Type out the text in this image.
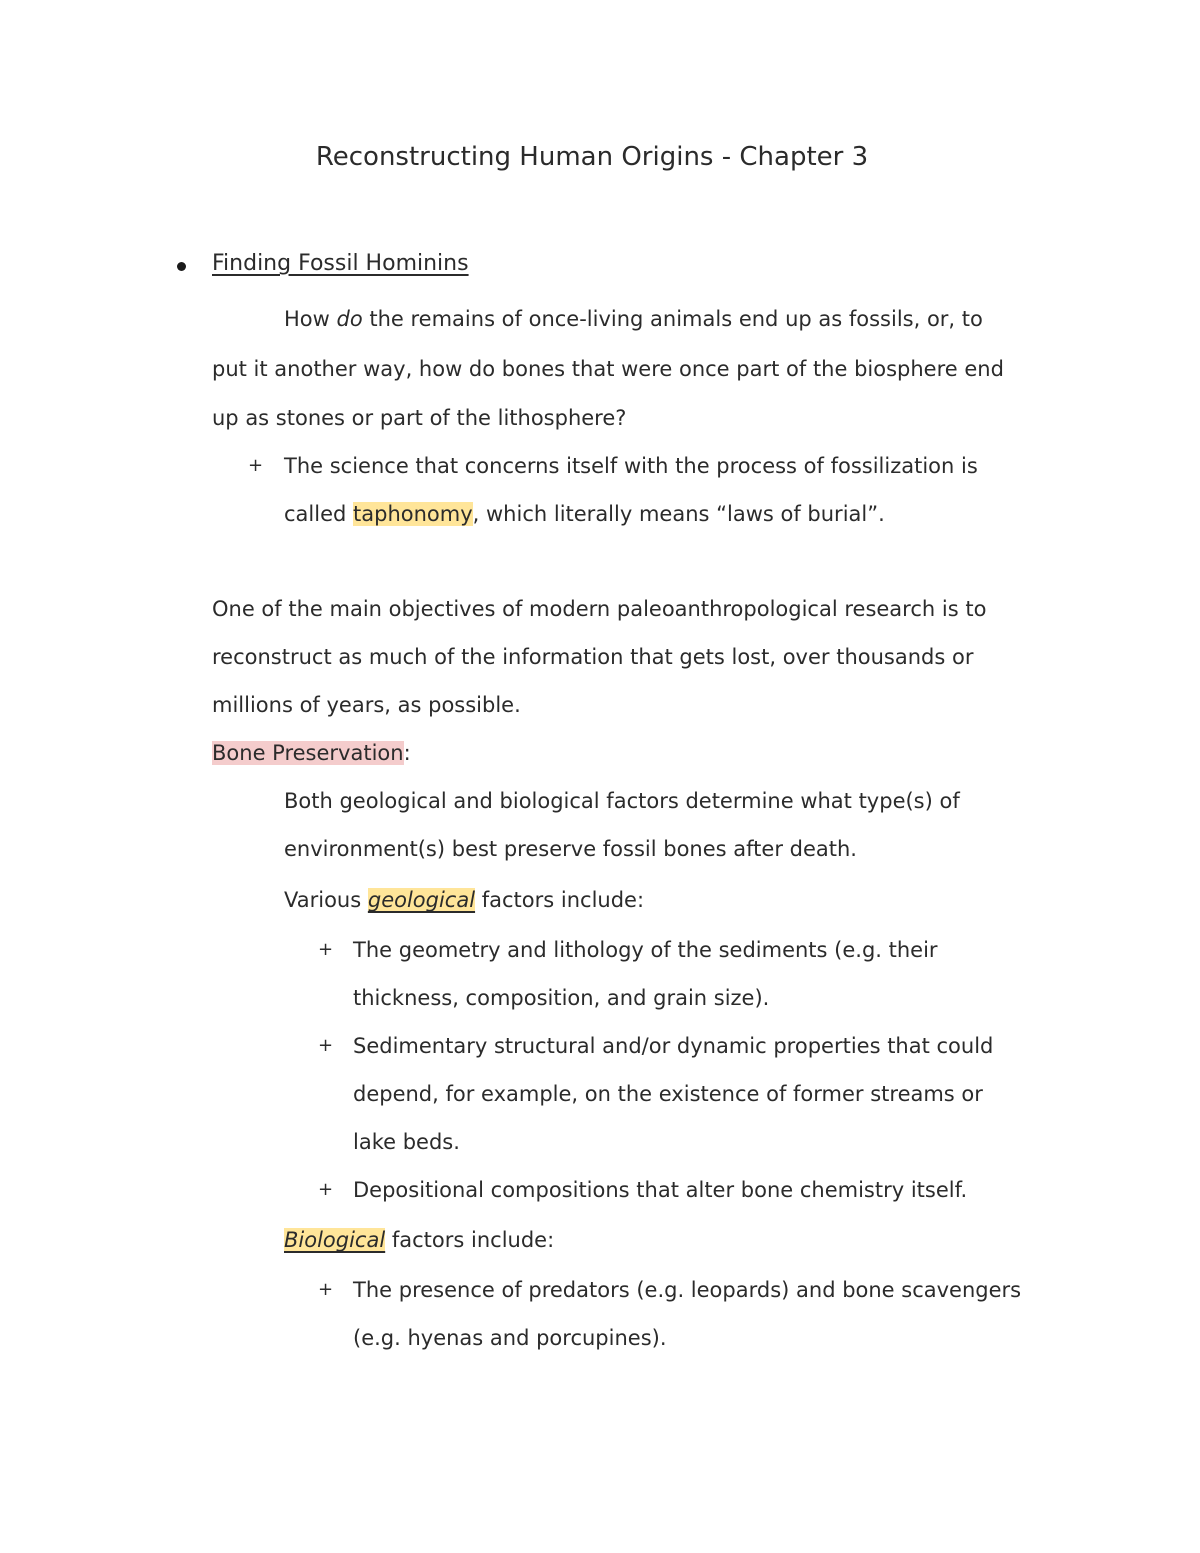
Reconstructing Human Origins - Chapter 3
Finding Fossil Hominins
How do the remains of once-living animals end up as fossils, or, to
put it another way, how do bones that were once part of the biosphere end
up as stones or part of the lithosphere?
+ The science that concerns itself with the process of fossilization is
called taphonomy, which literally means “laws of burial”.
One of the main objectives of modern paleoanthropological research is to
reconstruct as much of the information that gets lost, over thousands or
millions of years, as possible.
Bone Preservation:
Both geological and biological factors determine what type(s) of
environment(s) best preserve fossil bones after death.
Various geological factors include:
+ The geometry and lithology of the sediments (e.g. their
thickness, composition, and grain size).
+ Sedimentary structural and/or dynamic properties that could
depend, for example, on the existence of former streams or
lake beds.
+ Depositional compositions that alter bone chemistry itself.
Biological factors include:
+ The presence of predators (e.g. leopards) and bone scavengers
(e.g. hyenas and porcupines).
